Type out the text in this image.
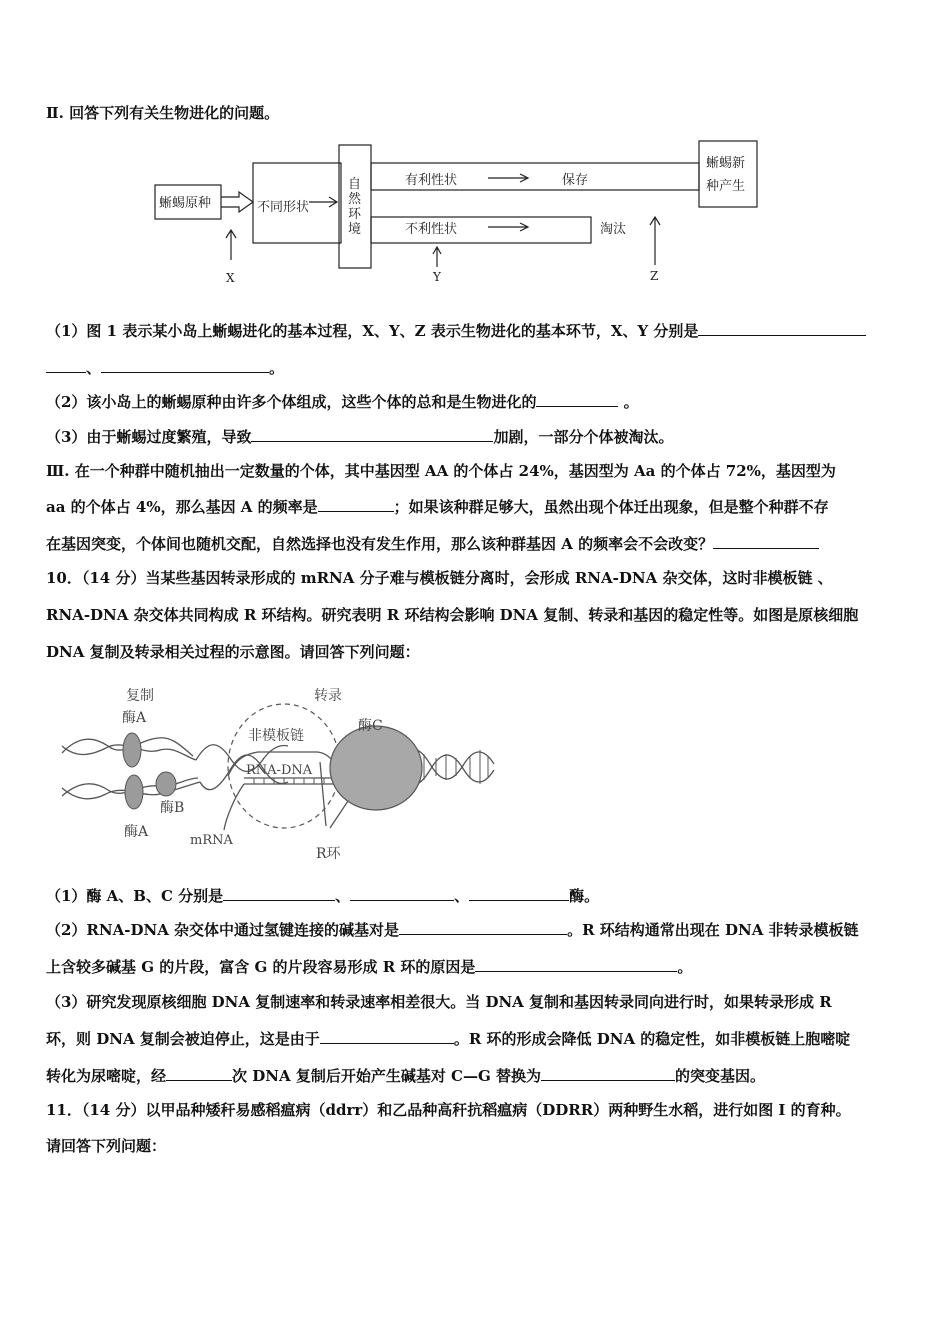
Ⅱ. 回答下列有关生物进化的问题。
蜥蜴原种	不同形状
自
然
环
境
有利性状	保存
不利性状	淘汰
蜥蜴新
种产生
X	Y	Z
（1）图 1 表示某小岛上蜥蜴进化的基本过程，X、Y、Z 表示生物进化的基本环节，X、Y 分别是
、	。
（2）该小岛上的蜥蜴原种由许多个体组成，这些个体的总和是生物进化的	。
（3）由于蜥蜴过度繁殖，导致	加剧，一部分个体被淘汰。
Ⅲ. 在一个种群中随机抽出一定数量的个体，其中基因型 AA 的个体占 24%，基因型为 Aa 的个体占 72%，基因型为
aa 的个体占 4%，那么基因 A 的频率是	；如果该种群足够大，虽然出现个体迁出现象，但是整个种群不存
在基因突变，个体间也随机交配，自然选择也没有发生作用，那么该种群基因 A 的频率会不会改变？
10．（14 分）当某些基因转录形成的 mRNA 分子难与模板链分离时，会形成 RNA-DNA 杂交体，这时非模板链 、
RNA-DNA 杂交体共同构成 R 环结构。研究表明 R 环结构会影响 DNA 复制、转录和基因的稳定性等。如图是原核细胞
DNA 复制及转录相关过程的示意图。请回答下列问题：
复制	转录
酶A	酶C
非模板链
RNA-DNA
酶B
酶A
mRNA
R环
（1）酶 A、B、C 分别是	、	、	酶。
（2）RNA-DNA 杂交体中通过氢键连接的碱基对是	。R 环结构通常出现在 DNA 非转录模板链
上含较多碱基 G 的片段，富含 G 的片段容易形成 R 环的原因是	。
（3）研究发现原核细胞 DNA 复制速率和转录速率相差很大。当 DNA 复制和基因转录同向进行时，如果转录形成 R
环，则 DNA 复制会被迫停止，这是由于	。R 环的形成会降低 DNA 的稳定性，如非模板链上胞嘧啶
转化为尿嘧啶，经	次 DNA 复制后开始产生碱基对 C—G 替换为	的突变基因。
11．（14 分）以甲品种矮秆易感稻瘟病（ddrr）和乙品种高秆抗稻瘟病（DDRR）两种野生水稻，进行如图 I 的育种。
请回答下列问题：
